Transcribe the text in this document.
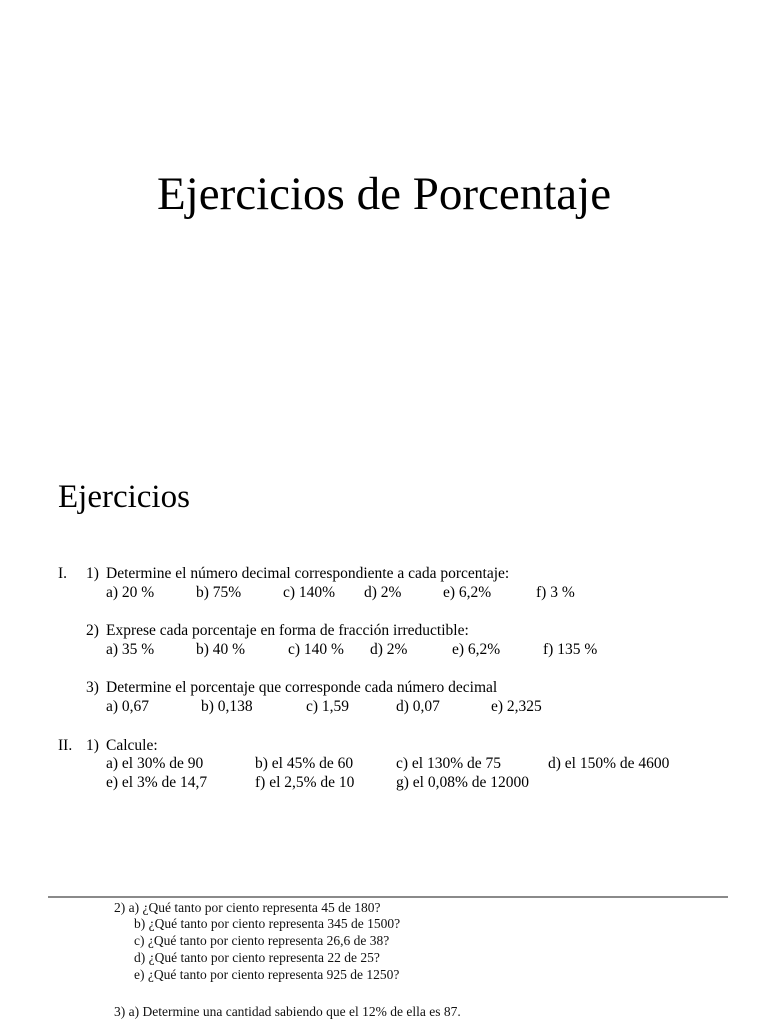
Ejercicios de Porcentaje
Ejercicios
I. 1) Determine el número decimal correspondiente a cada porcentaje:
a) 20 %	b) 75%	c) 140% d) 2%	e) 6,2%	f) 3 %
2) Exprese cada porcentaje en forma de fracción irreductible:
a) 35 %	b) 40 %	c) 140 % d) 2%	e) 6,2%	f) 135 %
3) Determine el porcentaje que corresponde cada número decimal
a) 0,67	b) 0,138	c) 1,59	d) 0,07	e) 2,325
II. 1) Calcule:
a) el 30% de 90	b) el 45% de 60	c) el 130% de 75	d) el 150% de 4600
e) el 3% de 14,7	f) el 2,5% de 10	g) el 0,08% de 12000
2) a) ¿Qué tanto por ciento representa 45 de 180?
b) ¿Qué tanto por ciento representa 345 de 1500?
c) ¿Qué tanto por ciento representa 26,6 de 38?
d) ¿Qué tanto por ciento representa 22 de 25?
e) ¿Qué tanto por ciento representa 925 de 1250?
3) a) Determine una cantidad sabiendo que el 12% de ella es 87.
